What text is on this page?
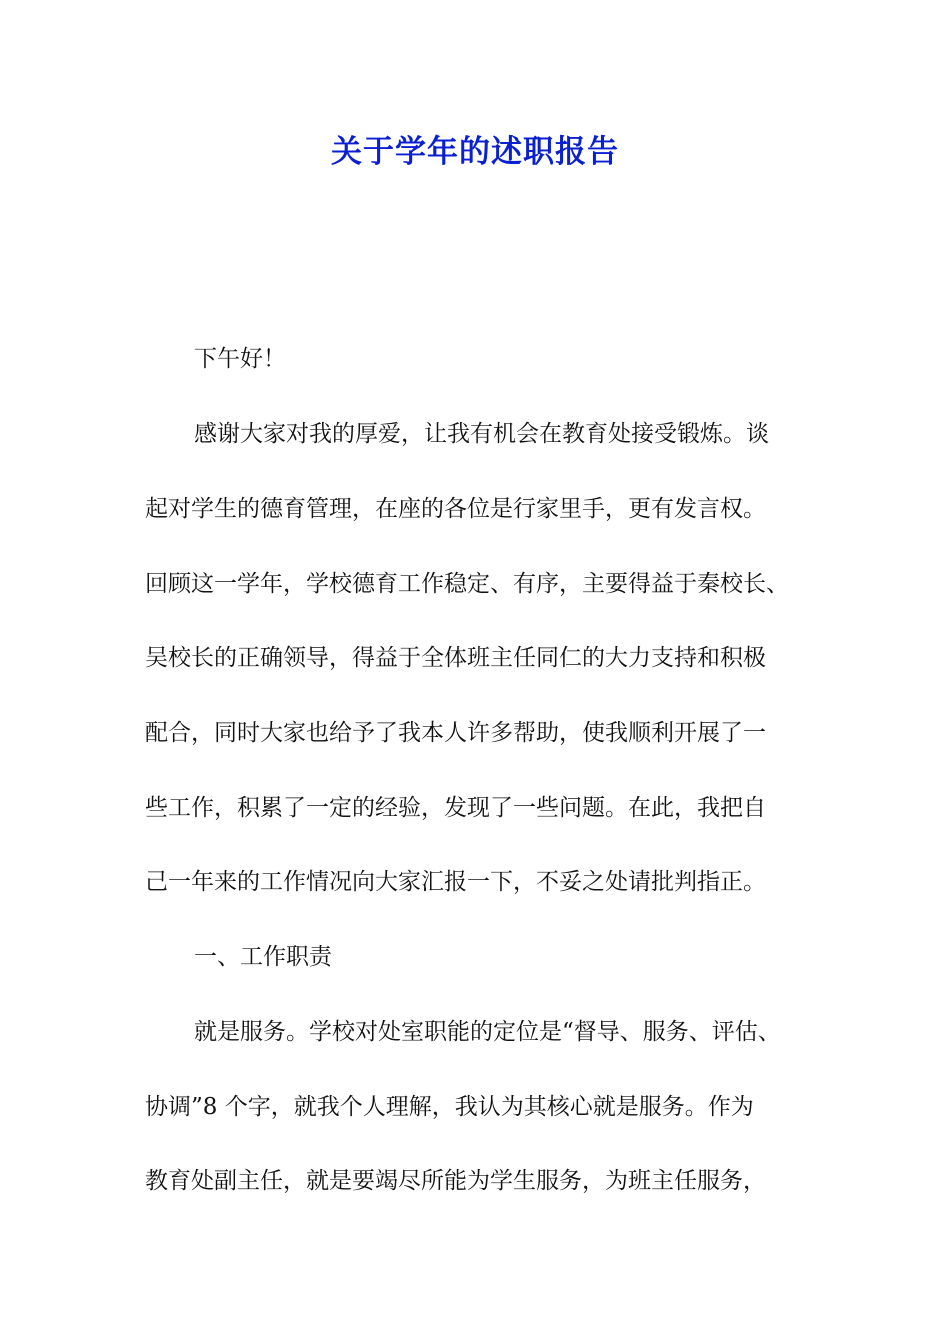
关于学年的述职报告
下午好！
感谢大家对我的厚爱，让我有机会在教育处接受锻炼。谈
起对学生的德育管理，在座的各位是行家里手，更有发言权。
回顾这一学年，学校德育工作稳定、有序，主要得益于秦校长、
吴校长的正确领导，得益于全体班主任同仁的大力支持和积极
配合，同时大家也给予了我本人许多帮助，使我顺利开展了一
些工作，积累了一定的经验，发现了一些问题。在此，我把自
己一年来的工作情况向大家汇报一下，不妥之处请批判指正。
一、工作职责
就是服务。学校对处室职能的定位是“督导、服务、评估、
协调”8 个字，就我个人理解，我认为其核心就是服务。作为
教育处副主任，就是要竭尽所能为学生服务，为班主任服务，
